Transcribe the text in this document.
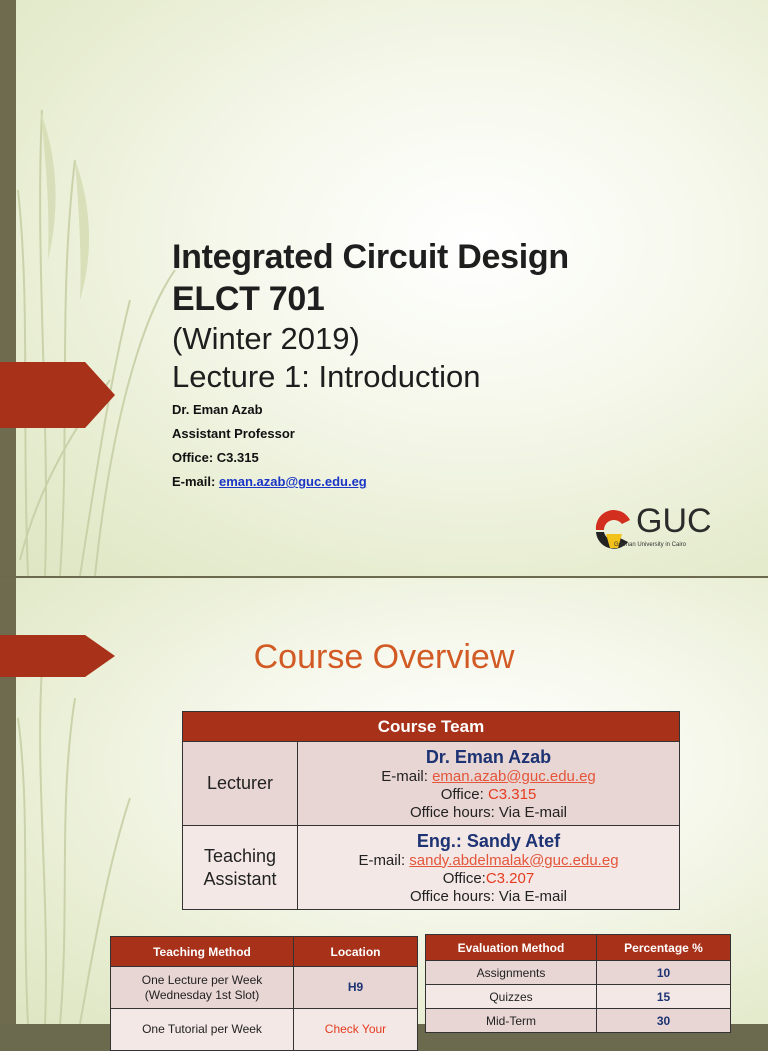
Integrated Circuit Design
ELCT 701
(Winter 2019)
Lecture 1: Introduction
Dr. Eman Azab
Assistant Professor
Office: C3.315
E-mail: eman.azab@guc.edu.eg
GUC
German University in Cairo
Course Overview
Course Team	
Lecturer	Dr. Eman Azab
E-mail: eman.azab@guc.edu.eg
Office: C3.315
Office hours: Via E-mail

Teaching Assistant	Eng.: Sandy Atef
E-mail: sandy.abdelmalak@guc.edu.eg
Office:C3.207
Office hours: Via E-mail
Teaching Method	Location
One Lecture per Week (Wednesday 1st Slot)	H9
One Tutorial per Week	Check Your
Evaluation Method	Percentage %
Assignments	10
Quizzes	15
Mid-Term	30
